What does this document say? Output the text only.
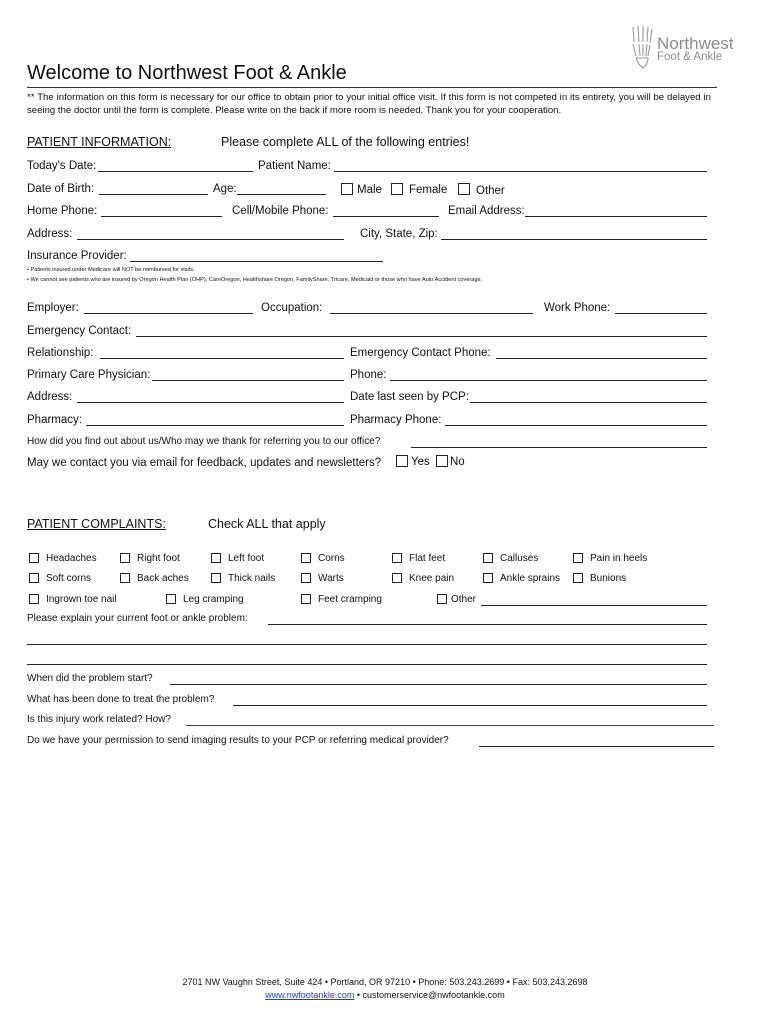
Northwest
Foot & Ankle
Welcome to Northwest Foot & Ankle
** The information on this form is necessary for our office to obtain prior to your initial office visit. If this form is not competed in its entirety, you will be delayed in seeing the doctor until the form is complete. Please write on the back if more room is needed. Thank you for your cooperation.
PATIENT INFORMATION:	Please complete ALL of the following entries!
Today's Date:	Patient Name:
Date of Birth:	Age:	Male Female Other
Home Phone:	Cell/Mobile Phone:	Email Address:
Address:	City, State, Zip:
Insurance Provider:
• Patients insured under Medicare will NOT be reimbursed for visits.
• We cannot see patients who are insured by Oregon Health Plan (OHP), CareOregon, Healthshare Oregon, FamilyShare, Tricare, Medicaid or those who have Auto Accident coverage.
Employer:	Occupation:	Work Phone:
Emergency Contact:
Relationship:	Emergency Contact Phone:
Primary Care Physician:	Phone:
Address:	Date last seen by PCP:
Pharmacy:	Pharmacy Phone:
How did you find out about us/Who may we thank for referring you to our office?
May we contact you via email for feedback, updates and newsletters?	Yes No
PATIENT COMPLAINTS:	Check ALL that apply
Headaches	Right foot	Left foot	Corns	Flat feet	Calluses	Pain in heels
Soft corns	Back aches	Thick nails	Warts	Knee pain	Ankle sprains	Bunions
Ingrown toe nail	Leg cramping	Feet cramping	Other
Please explain your current foot or ankle problem:
When did the problem start?
What has been done to treat the problem?
Is this injury work related? How?
Do we have your permission to send imaging results to your PCP or referring medical provider?
2701 NW Vaughn Street, Suite 424 • Portland, OR 97210 • Phone: 503.243.2699 • Fax: 503.243.2698
www.nwfootankle.com • customerservice@nwfootankle.com
